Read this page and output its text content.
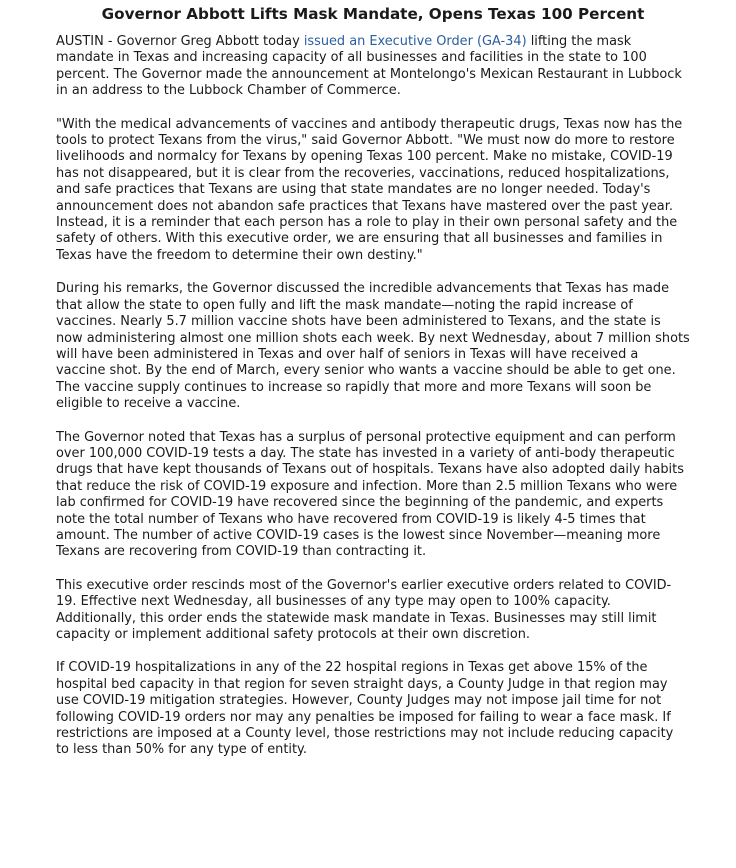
Governor Abbott Lifts Mask Mandate, Opens Texas 100 Percent

AUSTIN - Governor Greg Abbott today issued an Executive Order (GA-34) lifting the mask mandate in Texas and increasing capacity of all businesses and facilities in the state to 100 percent. The Governor made the announcement at Montelongo's Mexican Restaurant in Lubbock in an address to the Lubbock Chamber of Commerce.

"With the medical advancements of vaccines and antibody therapeutic drugs, Texas now has the tools to protect Texans from the virus," said Governor Abbott. "We must now do more to restore livelihoods and normalcy for Texans by opening Texas 100 percent. Make no mistake, COVID-19 has not disappeared, but it is clear from the recoveries, vaccinations, reduced hospitalizations, and safe practices that Texans are using that state mandates are no longer needed. Today's announcement does not abandon safe practices that Texans have mastered over the past year. Instead, it is a reminder that each person has a role to play in their own personal safety and the safety of others. With this executive order, we are ensuring that all businesses and families in Texas have the freedom to determine their own destiny."

During his remarks, the Governor discussed the incredible advancements that Texas has made that allow the state to open fully and lift the mask mandate—noting the rapid increase of vaccines. Nearly 5.7 million vaccine shots have been administered to Texans, and the state is now administering almost one million shots each week. By next Wednesday, about 7 million shots will have been administered in Texas and over half of seniors in Texas will have received a vaccine shot. By the end of March, every senior who wants a vaccine should be able to get one. The vaccine supply continues to increase so rapidly that more and more Texans will soon be eligible to receive a vaccine.

The Governor noted that Texas has a surplus of personal protective equipment and can perform over 100,000 COVID-19 tests a day. The state has invested in a variety of anti-body therapeutic drugs that have kept thousands of Texans out of hospitals. Texans have also adopted daily habits that reduce the risk of COVID-19 exposure and infection. More than 2.5 million Texans who were lab confirmed for COVID-19 have recovered since the beginning of the pandemic, and experts note the total number of Texans who have recovered from COVID-19 is likely 4-5 times that amount. The number of active COVID-19 cases is the lowest since November—meaning more Texans are recovering from COVID-19 than contracting it.

This executive order rescinds most of the Governor's earlier executive orders related to COVID-19. Effective next Wednesday, all businesses of any type may open to 100% capacity. Additionally, this order ends the statewide mask mandate in Texas. Businesses may still limit capacity or implement additional safety protocols at their own discretion.

If COVID-19 hospitalizations in any of the 22 hospital regions in Texas get above 15% of the hospital bed capacity in that region for seven straight days, a County Judge in that region may use COVID-19 mitigation strategies. However, County Judges may not impose jail time for not following COVID-19 orders nor may any penalties be imposed for failing to wear a face mask. If restrictions are imposed at a County level, those restrictions may not include reducing capacity to less than 50% for any type of entity.
